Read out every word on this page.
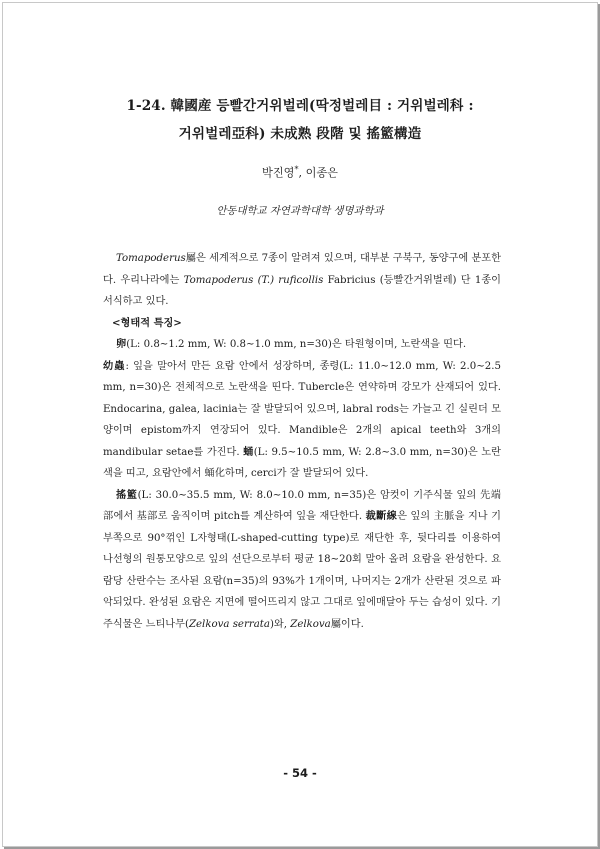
1-24. 韓國産 등빨간거위벌레(딱정벌레目 : 거위벌레科 :
거위벌레亞科) 未成熟 段階 및 搖籃構造
박진영*, 이종은
안동대학교 자연과학대학 생명과학과

Tomapoderus屬은 세계적으로 7종이 알려져 있으며, 대부분 구북구, 동양구에 분포한다. 우리나라에는 Tomapoderus (T.) ruficollis Fabricius (등빨간거위벌레) 단 1종이 서식하고 있다.

<형태적 특징>

卵(L: 0.8∼1.2 mm, W: 0.8∼1.0 mm, n=30)은 타원형이며, 노란색을 띤다.

幼蟲: 잎을 말아서 만든 요람 안에서 성장하며, 종령(L: 11.0∼12.0 mm, W: 2.0∼2.5 mm, n=30)은 전체적으로 노란색을 띤다. Tubercle은 연약하며 강모가 산재되어 있다. Endocarina, galea, lacinia는 잘 발달되어 있으며, labral rods는 가늘고 긴 실린더 모양이며 epistom까지 연장되어 있다. Mandible은 2개의 apical teeth와 3개의 mandibular setae를 가진다. 蛹(L: 9.5∼10.5 mm, W: 2.8∼3.0 mm, n=30)은 노란색을 띠고, 요람안에서 蛹化하며, cerci가 잘 발달되어 있다.

搖籃(L: 30.0∼35.5 mm, W: 8.0∼10.0 mm, n=35)은 암컷이 기주식물 잎의 先端部에서 基部로 움직이며 pitch를 계산하여 잎을 재단한다. 裁斷線은 잎의 主脈을 지나 기부쪽으로 90°꺾인 L자형태(L-shaped-cutting type)로 재단한 후, 뒷다리를 이용하여 나선형의 원통모양으로 잎의 선단으로부터 평균 18∼20회 말아 올려 요람을 완성한다. 요람당 산란수는 조사된 요람(n=35)의 93%가 1개이며, 나머지는 2개가 산란된 것으로 파악되었다. 완성된 요람은 지면에 떨어뜨리지 않고 그대로 잎에매달아 두는 습성이 있다. 기주식물은 느티나무(Zelkova serrata)와, Zelkova屬이다.

- 54 -
